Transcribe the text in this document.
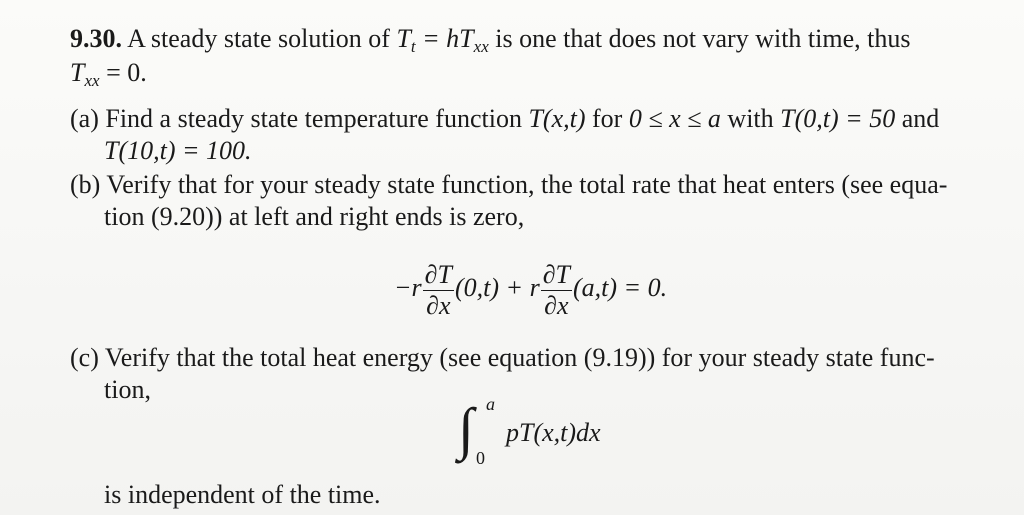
9.30. A steady state solution of $T_t = hT_{xx}$ is one that does not vary with time, thus
$T_{xx} = 0$.
(a) Find a steady state temperature function T(x,t) for 0 ≤ x ≤ a with T(0,t) = 50 and
T(10,t) = 100.
(b) Verify that for your steady state function, the total rate that heat enters (see equa-
tion (9.20)) at left and right ends is zero,
$-r \frac{\partial T}{\partial x} (0,t) + r \frac{\partial T}{\partial x} (a,t) = 0$.
(c) Verify that the total heat energy (see equation (9.19)) for your steady state func-
tion,
∫ a
0
pT(x,t)dx
is independent of the time.
